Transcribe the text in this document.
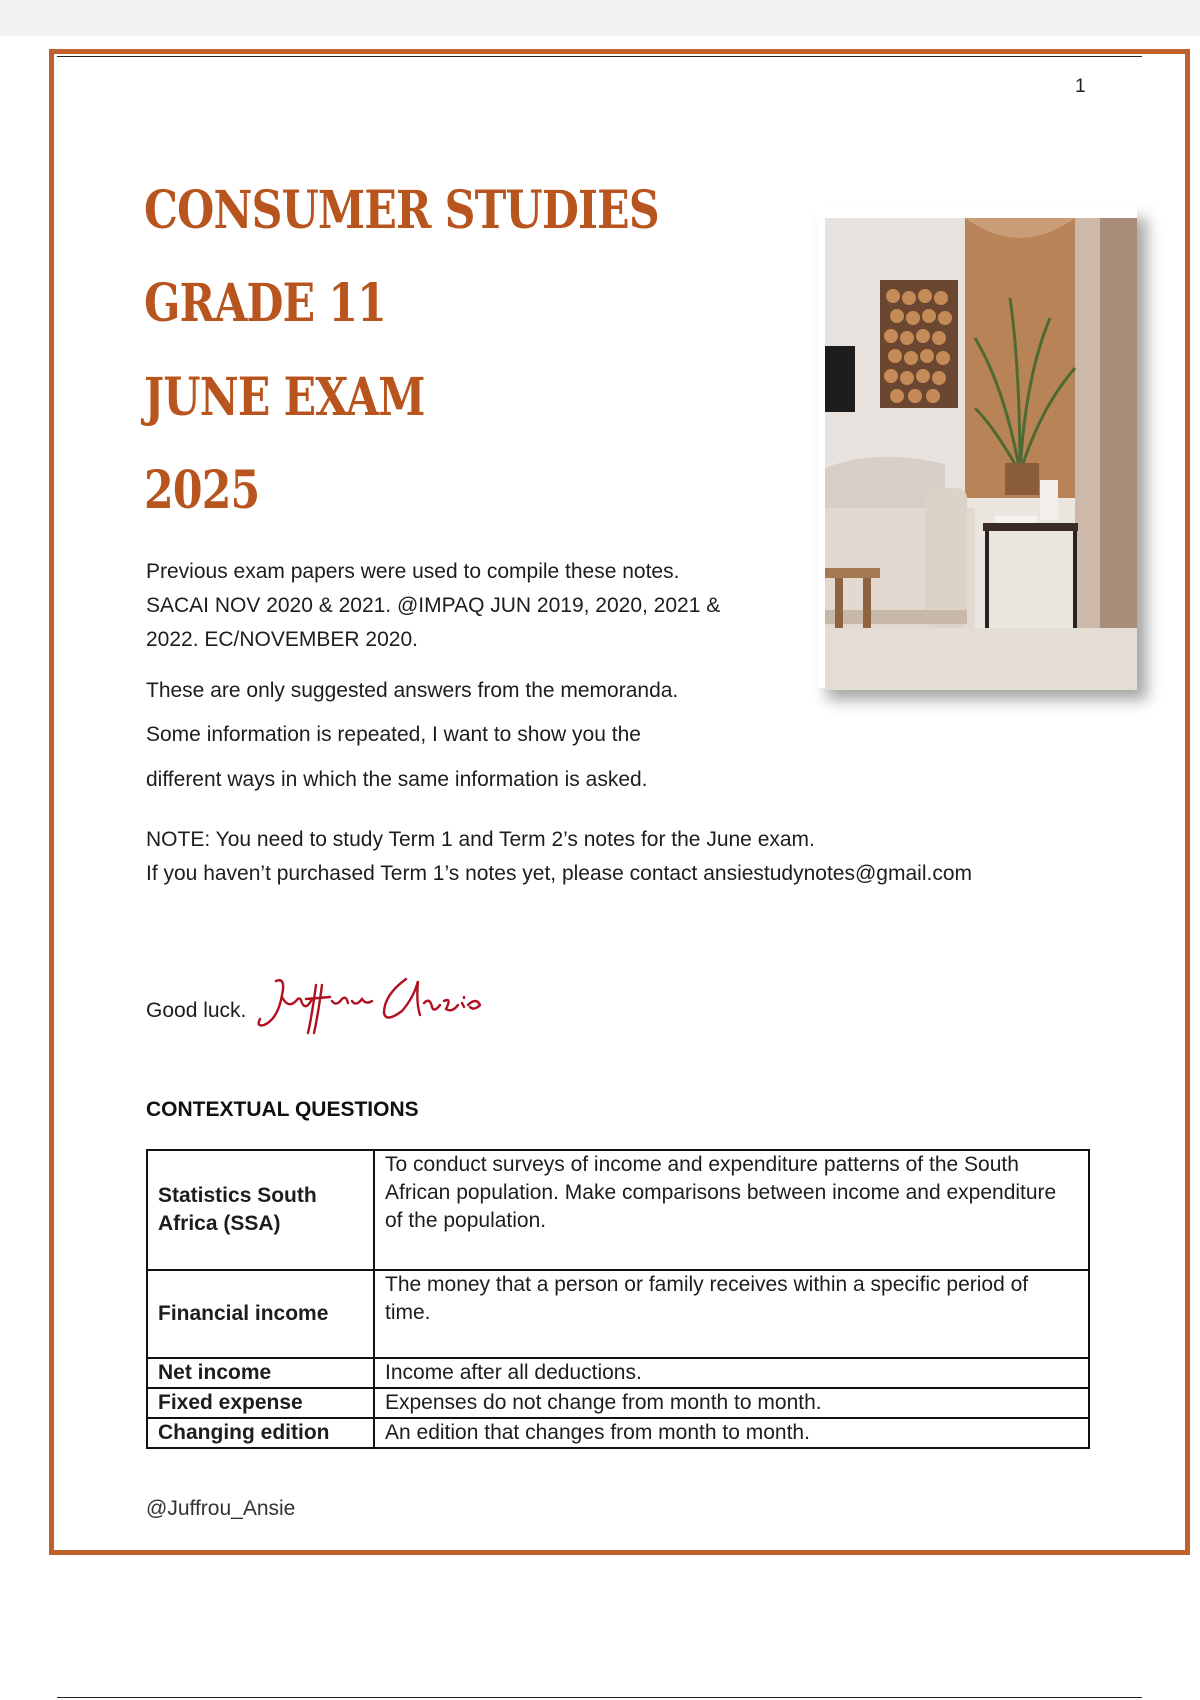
1
CONSUMER STUDIES
GRADE 11
JUNE EXAM
2025
Previous exam papers were used to compile these notes.
SACAI NOV 2020 & 2021. @IMPAQ JUN 2019, 2020, 2021 &
2022. EC/NOVEMBER 2020.
These are only suggested answers from the memoranda.
Some information is repeated, I want to show you the
different ways in which the same information is asked.
NOTE: You need to study Term 1 and Term 2’s notes for the June exam.
If you haven’t purchased Term 1’s notes yet, please contact ansiestudynotes@gmail.com
Good luck.
CONTEXTUAL QUESTIONS
Statistics South Africa (SSA)	To conduct surveys of income and expenditure patterns of the South African population. Make comparisons between income and expenditure of the population.
Financial income	The money that a person or family receives within a specific period of time.
Net income	Income after all deductions.
Fixed expense	Expenses do not change from month to month.
Changing edition	An edition that changes from month to month.
@Juffrou_Ansie
